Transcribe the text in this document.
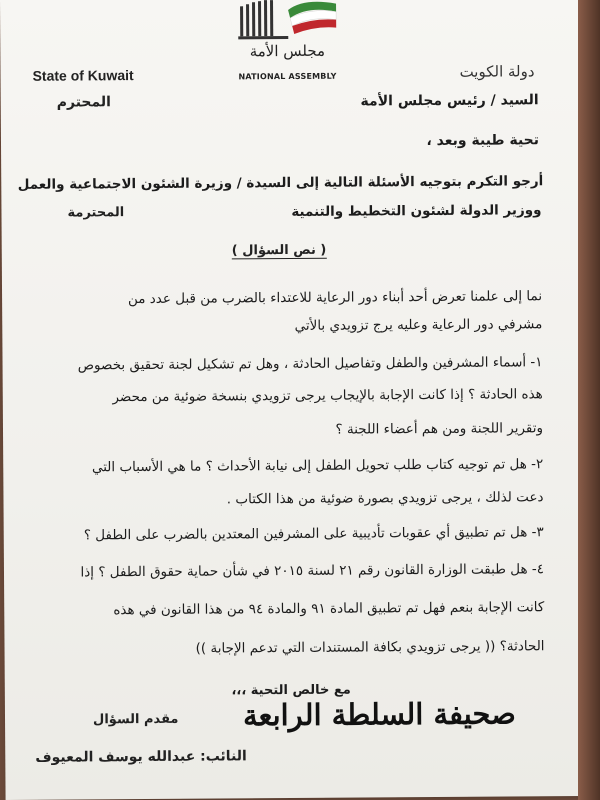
مجلس الأمة
NATIONAL ASSEMBLY
State of Kuwait	دولة الكويت
المحترم	السيد / رئيس مجلس الأمة
تحية طيبة وبعد ،
أرجو التكرم بتوجيه الأسئلة التالية إلى السيدة / وزيرة الشئون الاجتماعية والعمل
ووزير الدولة لشئون التخطيط والتنمية
المحترمة
( نص السؤال )
نما إلى علمنا تعرض أحد أبناء دور الرعاية للاعتداء بالضرب من قبل عدد من
مشرفي دور الرعاية وعليه يرج تزويدي بالأتي
١- أسماء المشرفين والطفل وتفاصيل الحادثة ، وهل تم تشكيل لجنة تحقيق بخصوص
هذه الحادثة ؟ إذا كانت الإجابة بالإيجاب يرجى تزويدي بنسخة ضوئية من محضر
وتقرير اللجنة ومن هم أعضاء اللجنة ؟
٢- هل تم توجيه كتاب طلب تحويل الطفل إلى نيابة الأحداث ؟ ما هي الأسباب التي
دعت لذلك ، يرجى تزويدي بصورة ضوئية من هذا الكتاب .
٣- هل تم تطبيق أي عقوبات تأديبية على المشرفين المعتدين بالضرب على الطفل ؟
٤- هل طبقت الوزارة القانون رقم ٢١ لسنة ٢٠١٥ في شأن حماية حقوق الطفل ؟ إذا
كانت الإجابة بنعم فهل تم تطبيق المادة ٩١ والمادة ٩٤ من هذا القانون في هذه
الحادثة؟ (( يرجى تزويدي بكافة المستندات التي تدعم الإجابة ))
مع خالص التحية ،،،
صحيفة السلطة الرابعة
مقدم السؤال
النائب: عبدالله يوسف المعيوف
